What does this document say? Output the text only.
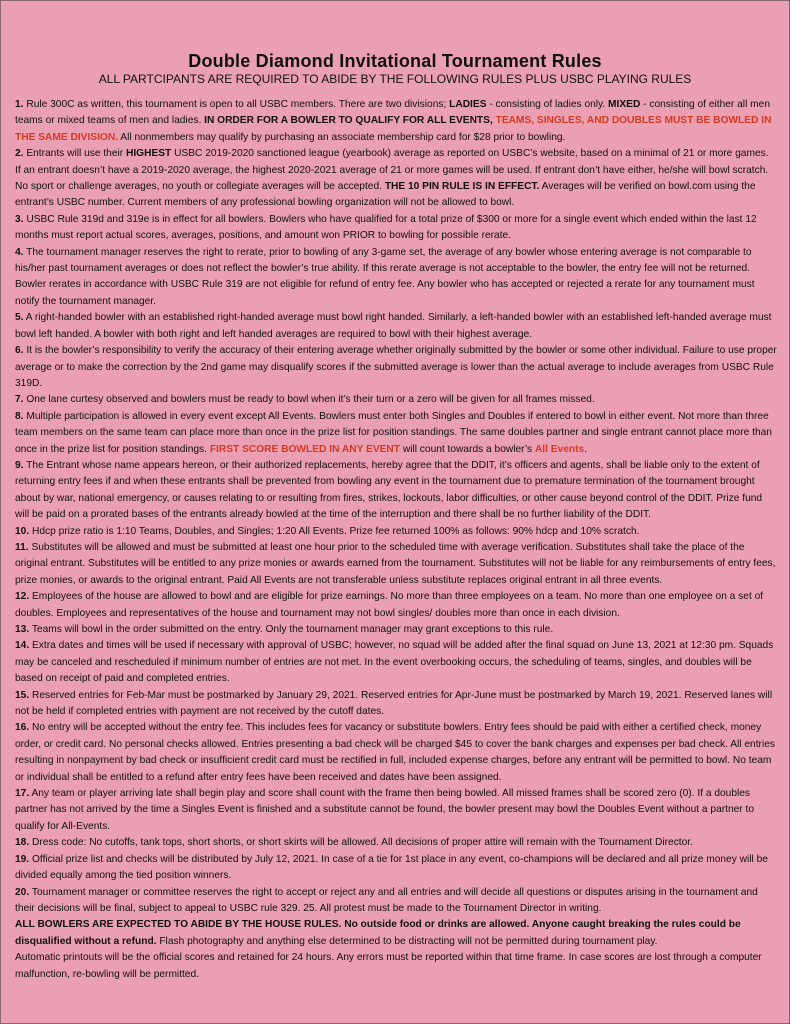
Double Diamond Invitational Tournament Rules
ALL PARTCIPANTS ARE REQUIRED TO ABIDE BY THE FOLLOWING RULES PLUS USBC PLAYING RULES

1. Rule 300C as written, this tournament is open to all USBC members. There are two divisions; LADIES - consisting of ladies only. MIXED - consisting of either all men teams or mixed teams of men and ladies. IN ORDER FOR A BOWLER TO QUALIFY FOR ALL EVENTS, TEAMS, SINGLES, AND DOUBLES MUST BE BOWLED IN THE SAME DIVISION. All nonmembers may qualify by purchasing an associate membership card for $28 prior to bowling.

2. Entrants will use their HIGHEST USBC 2019-2020 sanctioned league (yearbook) average as reported on USBC’s website, based on a minimal of 21 or more games. If an entrant doesn’t have a 2019-2020 average, the highest 2020-2021 average of 21 or more games will be used. If entrant don’t have either, he/she will bowl scratch. No sport or challenge averages, no youth or collegiate averages will be accepted. THE 10 PIN RULE IS IN EFFECT. Averages will be verified on bowl.com using the entrant’s USBC number. Current members of any professional bowling organization will not be allowed to bowl.

3. USBC Rule 319d and 319e is in effect for all bowlers. Bowlers who have qualified for a total prize of $300 or more for a single event which ended within the last 12 months must report actual scores, averages, positions, and amount won PRIOR to bowling for possible rerate.

4. The tournament manager reserves the right to rerate, prior to bowling of any 3-game set, the average of any bowler whose entering average is not comparable to his/her past tournament averages or does not reflect the bowler’s true ability. If this rerate average is not acceptable to the bowler, the entry fee will not be returned. Bowler rerates in accordance with USBC Rule 319 are not eligible for refund of entry fee. Any bowler who has accepted or rejected a rerate for any tournament must notify the tournament manager.

5. A right-handed bowler with an established right-handed average must bowl right handed. Similarly, a left-handed bowler with an established left-handed average must bowl left handed. A bowler with both right and left handed averages are required to bowl with their highest average.

6. It is the bowler’s responsibility to verify the accuracy of their entering average whether originally submitted by the bowler or some other individual. Failure to use proper average or to make the correction by the 2nd game may disqualify scores if the submitted average is lower than the actual average to include averages from USBC Rule 319D.

7. One lane curtesy observed and bowlers must be ready to bowl when it’s their turn or a zero will be given for all frames missed.

8. Multiple participation is allowed in every event except All Events. Bowlers must enter both Singles and Doubles if entered to bowl in either event. Not more than three team members on the same team can place more than once in the prize list for position standings. The same doubles partner and single entrant cannot place more than once in the prize list for position standings. FIRST SCORE BOWLED IN ANY EVENT will count towards a bowler’s All Events.

9. The Entrant whose name appears hereon, or their authorized replacements, hereby agree that the DDIT, it’s officers and agents, shall be liable only to the extent of returning entry fees if and when these entrants shall be prevented from bowling any event in the tournament due to premature termination of the tournament brought about by war, national emergency, or causes relating to or resulting from fires, strikes, lockouts, labor difficulties, or other cause beyond control of the DDIT. Prize fund will be paid on a prorated bases of the entrants already bowled at the time of the interruption and there shall be no further liability of the DDIT.

10. Hdcp prize ratio is 1:10 Teams, Doubles, and Singles; 1:20 All Events. Prize fee returned 100% as follows: 90% hdcp and 10% scratch.

11. Substitutes will be allowed and must be submitted at least one hour prior to the scheduled time with average verification. Substitutes shall take the place of the original entrant. Substitutes will be entitled to any prize monies or awards earned from the tournament. Substitutes will not be liable for any reimbursements of entry fees, prize monies, or awards to the original entrant. Paid All Events are not transferable unless substitute replaces original entrant in all three events.

12. Employees of the house are allowed to bowl and are eligible for prize earnings. No more than three employees on a team. No more than one employee on a set of doubles. Employees and representatives of the house and tournament may not bowl singles/ doubles more than once in each division.

13. Teams will bowl in the order submitted on the entry. Only the tournament manager may grant exceptions to this rule.

14. Extra dates and times will be used if necessary with approval of USBC; however, no squad will be added after the final squad on June 13, 2021 at 12:30 pm. Squads may be canceled and rescheduled if minimum number of entries are not met. In the event overbooking occurs, the scheduling of teams, singles, and doubles will be based on receipt of paid and completed entries.

15. Reserved entries for Feb-Mar must be postmarked by January 29, 2021. Reserved entries for Apr-June must be postmarked by March 19, 2021. Reserved lanes will not be held if completed entries with payment are not received by the cutoff dates.

16. No entry will be accepted without the entry fee. This includes fees for vacancy or substitute bowlers. Entry fees should be paid with either a certified check, money order, or credit card. No personal checks allowed. Entries presenting a bad check will be charged $45 to cover the bank charges and expenses per bad check. All entries resulting in nonpayment by bad check or insufficient credit card must be rectified in full, included expense charges, before any entrant will be permitted to bowl. No team or individual shall be entitled to a refund after entry fees have been received and dates have been assigned.

17. Any team or player arriving late shall begin play and score shall count with the frame then being bowled. All missed frames shall be scored zero (0). If a doubles partner has not arrived by the time a Singles Event is finished and a substitute cannot be found, the bowler present may bowl the Doubles Event without a partner to qualify for All-Events.

18. Dress code: No cutoffs, tank tops, short shorts, or short skirts will be allowed. All decisions of proper attire will remain with the Tournament Director.

19. Official prize list and checks will be distributed by July 12, 2021. In case of a tie for 1st place in any event, co-champions will be declared and all prize money will be divided equally among the tied position winners.

20. Tournament manager or committee reserves the right to accept or reject any and all entries and will decide all questions or disputes arising in the tournament and their decisions will be final, subject to appeal to USBC rule 329. 25. All protest must be made to the Tournament Director in writing.

ALL BOWLERS ARE EXPECTED TO ABIDE BY THE HOUSE RULES. No outside food or drinks are allowed. Anyone caught breaking the rules could be disqualified without a refund. Flash photography and anything else determined to be distracting will not be permitted during tournament play.

Automatic printouts will be the official scores and retained for 24 hours. Any errors must be reported within that time frame. In case scores are lost through a computer malfunction, re-bowling will be permitted.
